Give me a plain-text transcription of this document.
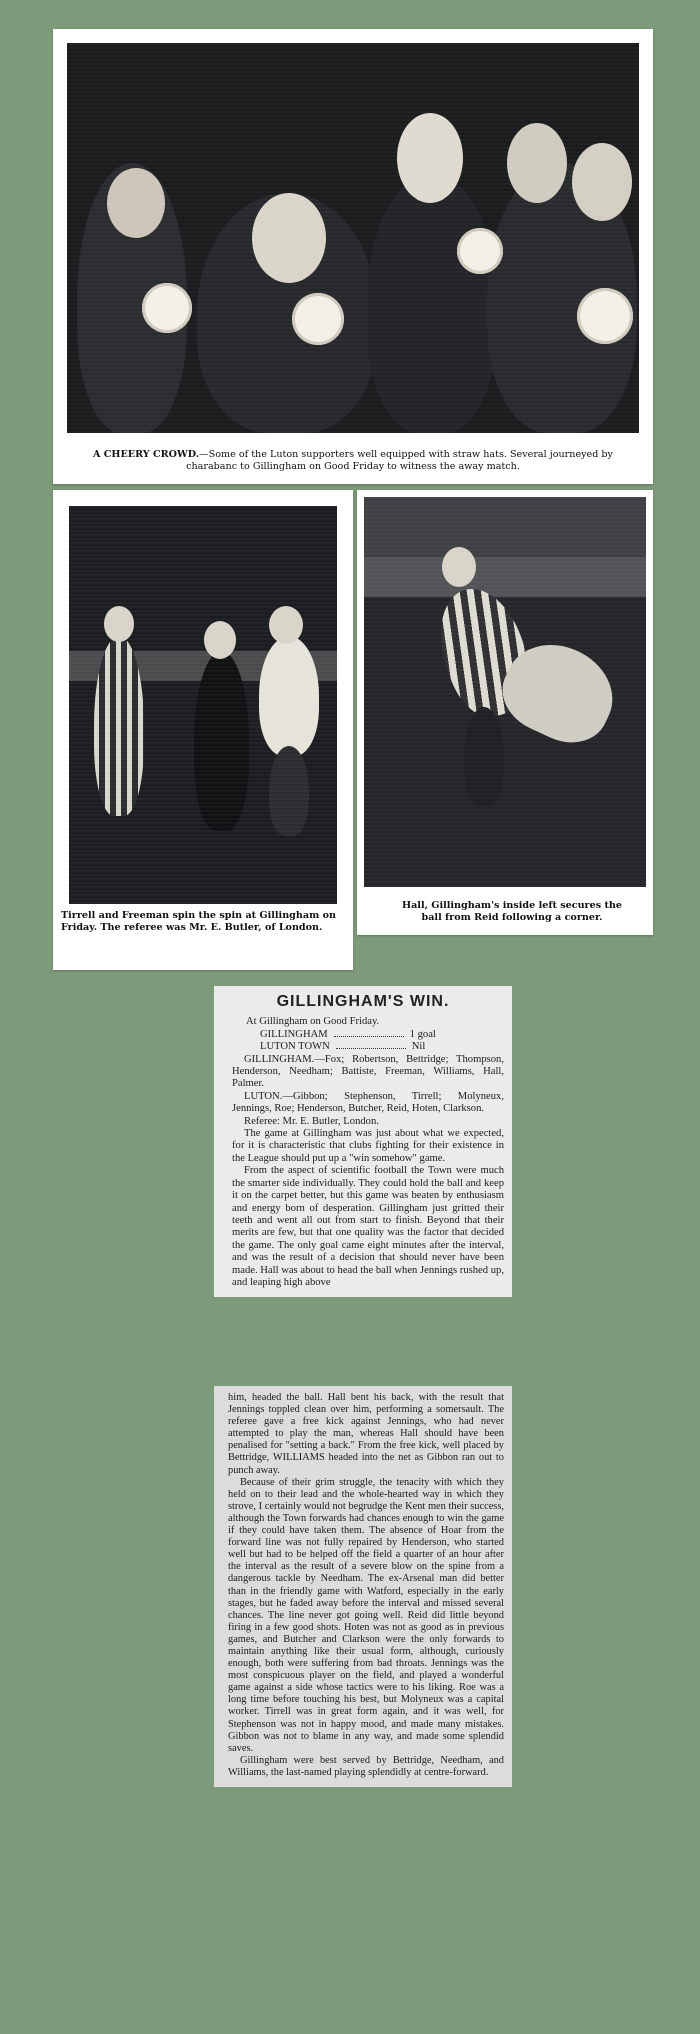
A CHEERY CROWD.—Some of the Luton supporters well equipped with straw hats. Several journeyed by charabanc to Gillingham on Good Friday to witness the away match.
Tirrell and Freeman spin the spin at Gillingham on Friday. The referee was Mr. E. Butler, of London.
Hall, Gillingham's inside left secures the ball from Reid following a corner.
GILLINGHAM'S WIN.

At Gillingham on Good Friday.

GILLINGHAM	1 goal
LUTON TOWN	Nil

GILLINGHAM.—Fox; Robertson, Bettridge; Thompson, Henderson, Needham; Battiste, Freeman, Williams, Hall, Palmer.

LUTON.—Gibbon; Stephenson, Tirrell; Molyneux, Jennings, Roe; Henderson, Butcher, Reid, Hoten, Clarkson.

Referee: Mr. E. Butler, London.

The game at Gillingham was just about what we expected, for it is characteristic that clubs fighting for their existence in the League should put up a "win somehow" game.

From the aspect of scientific football the Town were much the smarter side individually. They could hold the ball and keep it on the carpet better, but this game was beaten by enthusiasm and energy born of desperation. Gillingham just gritted their teeth and went all out from start to finish. Beyond that their merits are few, but that one quality was the factor that decided the game. The only goal came eight minutes after the interval, and was the result of a decision that should never have been made. Hall was about to head the ball when Jennings rushed up, and leaping high above

him, headed the ball. Hall bent his back, with the result that Jennings toppled clean over him, performing a somersault. The referee gave a free kick against Jennings, who had never attempted to play the man, whereas Hall should have been penalised for "setting a back." From the free kick, well placed by Bettridge, WILLIAMS headed into the net as Gibbon ran out to punch away.

Because of their grim struggle, the tenacity with which they held on to their lead and the whole-hearted way in which they strove, I certainly would not begrudge the Kent men their success, although the Town forwards had chances enough to win the game if they could have taken them. The absence of Hoar from the forward line was not fully repaired by Henderson, who started well but had to be helped off the field a quarter of an hour after the interval as the result of a severe blow on the spine from a dangerous tackle by Needham. The ex-Arsenal man did better than in the friendly game with Watford, especially in the early stages, but he faded away before the interval and missed several chances. The line never got going well. Reid did little beyond firing in a few good shots. Hoten was not as good as in previous games, and Butcher and Clarkson were the only forwards to maintain anything like their usual form, although, curiously enough, both were suffering from bad throats. Jennings was the most conspicuous player on the field, and played a wonderful game against a side whose tactics were to his liking. Roe was a long time before touching his best, but Molyneux was a capital worker. Tirrell was in great form again, and it was well, for Stephenson was not in happy mood, and made many mistakes. Gibbon was not to blame in any way, and made some splendid saves.

Gillingham were best served by Bettridge, Needham, and Williams, the last-named playing splendidly at centre-forward.
